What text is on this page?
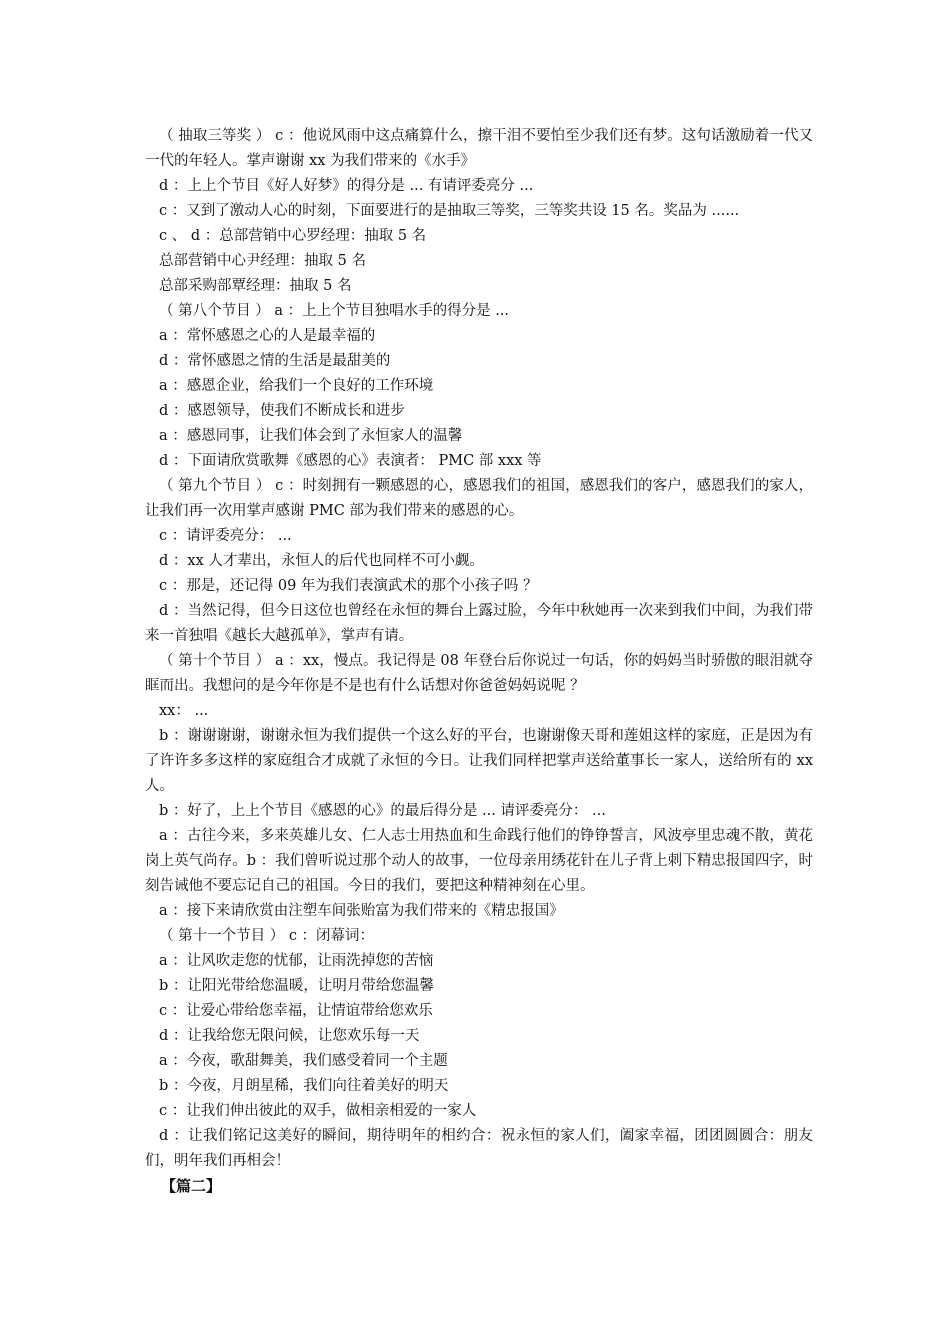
（ 抽取三等奖 ） c ：他说风雨中这点痛算什么，擦干泪不要怕至少我们还有梦。这句话激励着一代又一代的年轻人。掌声谢谢 xx 为我们带来的《水手》

d ：上上个节目《好人好梦》的得分是 ... 有请评委亮分 ...

c ：又到了激动人心的时刻，下面要进行的是抽取三等奖，三等奖共设 15 名。奖品为 ......

c 、 d ：总部营销中心罗经理：抽取 5 名

总部营销中心尹经理：抽取 5 名

总部采购部覃经理：抽取 5 名

（ 第八个节目 ） a ：上上个节目独唱水手的得分是 ...

a ：常怀感恩之心的人是最幸福的

d ：常怀感恩之情的生活是最甜美的

a ：感恩企业，给我们一个良好的工作环境

d ：感恩领导，使我们不断成长和进步

a ：感恩同事，让我们体会到了永恒家人的温馨

d ：下面请欣赏歌舞《感恩的心》表演者： PMC 部 xxx 等

（ 第九个节目 ） c ：时刻拥有一颗感恩的心，感恩我们的祖国，感恩我们的客户，感恩我们的家人，让我们再一次用掌声感谢 PMC 部为我们带来的感恩的心。

c ：请评委亮分： ...

d ：xx 人才辈出，永恒人的后代也同样不可小觑。

c ：那是，还记得 09 年为我们表演武术的那个小孩子吗 ？

d ：当然记得，但今日这位也曾经在永恒的舞台上露过脸，今年中秋她再一次来到我们中间，为我们带来一首独唱《越长大越孤单》，掌声有请。

（ 第十个节目 ） a ：xx，慢点。我记得是 08 年登台后你说过一句话，你的妈妈当时骄傲的眼泪就夺眶而出。我想问的是今年你是不是也有什么话想对你爸爸妈妈说呢 ？

xx： ...

b ：谢谢谢谢，谢谢永恒为我们提供一个这么好的平台，也谢谢像天哥和莲姐这样的家庭，正是因为有了许许多多这样的家庭组合才成就了永恒的今日。让我们同样把掌声送给董事长一家人，送给所有的 xx 人。

b ：好了，上上个节目《感恩的心》的最后得分是 ... 请评委亮分： ...

a ：古往今来，多来英雄儿女、仁人志士用热血和生命践行他们的铮铮誓言，风波亭里忠魂不散，黄花岗上英气尚存。b ：我们曾听说过那个动人的故事，一位母亲用绣花针在儿子背上刺下精忠报国四字，时刻告诫他不要忘记自己的祖国。今日的我们，要把这种精神刻在心里。

a ：接下来请欣赏由注塑车间张贻富为我们带来的《精忠报国》

（ 第十一个节目 ） c ：闭幕词：

a ：让风吹走您的忧郁，让雨洗掉您的苦恼

b ：让阳光带给您温暖，让明月带给您温馨

c ：让爱心带给您幸福，让情谊带给您欢乐

d ：让我给您无限问候，让您欢乐每一天

a ：今夜，歌甜舞美，我们感受着同一个主题

b ：今夜，月朗星稀，我们向往着美好的明天

c ：让我们伸出彼此的双手，做相亲相爱的一家人

d ：让我们铭记这美好的瞬间，期待明年的相约合：祝永恒的家人们，阖家幸福，团团圆圆合：朋友们，明年我们再相会！

【篇二】
